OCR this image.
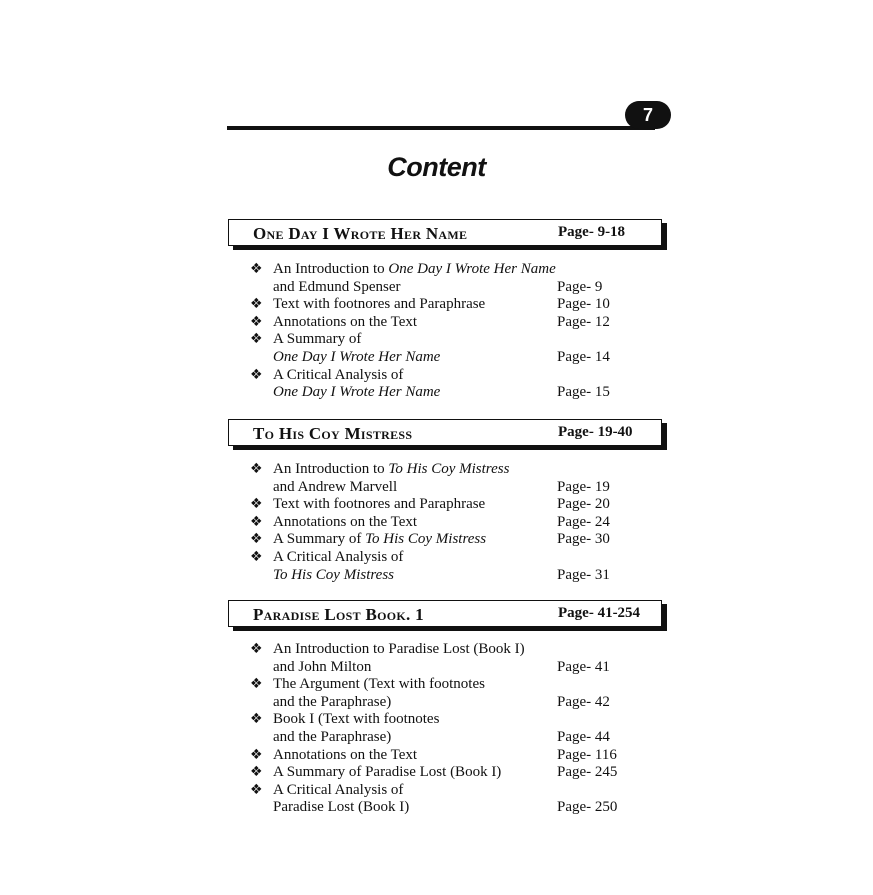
7
Content
One Day I Wrote Her Name	Page- 9-18
❖ An Introduction to One Day I Wrote Her Name
and Edmund Spenser	Page- 9
❖ Text with footnores and Paraphrase	Page- 10
❖ Annotations on the Text	Page- 12
❖ A Summary of
One Day I Wrote Her Name	Page- 14
❖ A Critical Analysis of
One Day I Wrote Her Name	Page- 15
To His Coy Mistress	Page- 19-40
❖ An Introduction to To His Coy Mistress
and Andrew Marvell	Page- 19
❖ Text with footnores and Paraphrase	Page- 20
❖ Annotations on the Text	Page- 24
❖ A Summary of To His Coy Mistress	Page- 30
❖ A Critical Analysis of
To His Coy Mistress	Page- 31
Paradise Lost Book. 1	Page- 41-254
❖ An Introduction to Paradise Lost (Book I)
and John Milton	Page- 41
❖ The Argument (Text with footnotes
and the Paraphrase)	Page- 42
❖ Book I (Text with footnotes
and the Paraphrase)	Page- 44
❖ Annotations on the Text	Page- 116
❖ A Summary of Paradise Lost (Book I)	Page- 245
❖ A Critical Analysis of
Paradise Lost (Book I)	Page- 250
